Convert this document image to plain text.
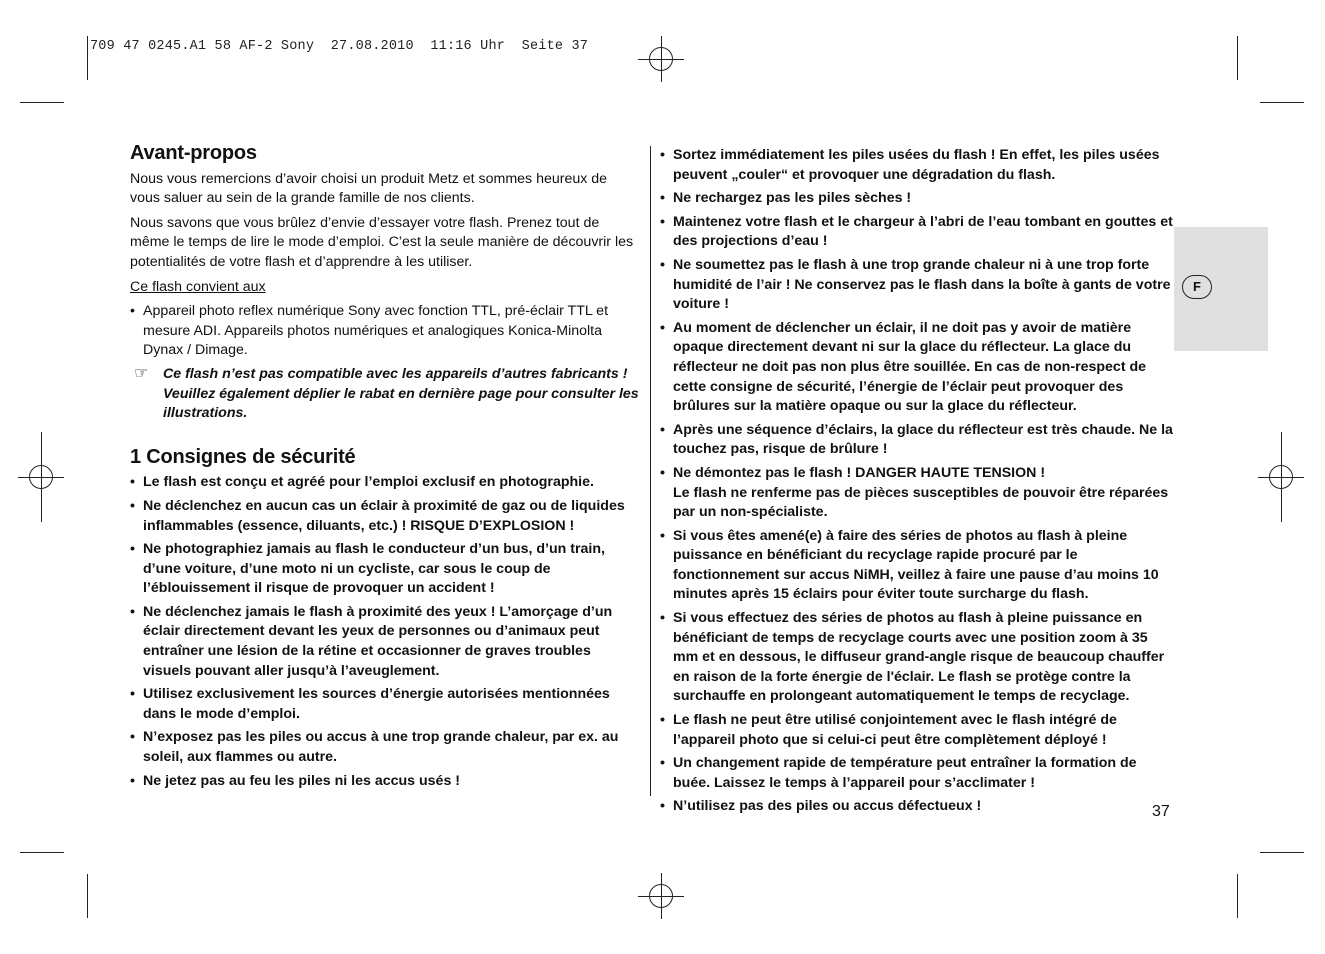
709 47 0245.A1 58 AF-2 Sony  27.08.2010  11:16 Uhr  Seite 37
Avant-propos

Nous vous remercions d’avoir choisi un produit Metz et sommes heureux de vous saluer au sein de la grande famille de nos clients.

Nous savons que vous brûlez d’envie d’essayer votre flash. Prenez tout de même le temps de lire le mode d’emploi. C’est la seule manière de découvrir les potentialités de votre flash et d’apprendre à les utiliser.

Ce flash convient aux

• Appareil photo reflex numérique Sony avec fonction TTL, pré-éclair TTL et mesure ADI. Appareils photos numériques et analogiques Konica-Minolta Dynax / Dimage.
☞ Ce flash n’est pas compatible avec les appareils d’autres fabricants ! Veuillez également déplier le rabat en dernière page pour consulter les illustrations.
1 Consignes de sécurité
• Le flash est conçu et agréé pour l’emploi exclusif en photographie.
• Ne déclenchez en aucun cas un éclair à proximité de gaz ou de liquides inflammables (essence, diluants, etc.) ! RISQUE D’EXPLOSION !
• Ne photographiez jamais au flash le conducteur d’un bus, d’un train, d’une voiture, d’une moto ni un cycliste, car sous le coup de l’éblouissement il risque de provoquer un accident !
• Ne déclenchez jamais le flash à proximité des yeux ! L’amorçage d’un éclair directement devant les yeux de personnes ou d’animaux peut entraîner une lésion de la rétine et occasionner de graves troubles visuels pouvant aller jusqu’à l’aveuglement.
• Utilisez exclusivement les sources d’énergie autorisées mentionnées dans le mode d’emploi.
• N’exposez pas les piles ou accus à une trop grande chaleur, par ex. au soleil, aux flammes ou autre.
• Ne jetez pas au feu les piles ni les accus usés !
• Sortez immédiatement les piles usées du flash ! En effet, les piles usées peuvent „couler“ et provoquer une dégradation du flash.
• Ne rechargez pas les piles sèches !
• Maintenez votre flash et le chargeur à l’abri de l’eau tombant en gouttes et des projections d’eau !
• Ne soumettez pas le flash à une trop grande chaleur ni à une trop forte humidité de l’air ! Ne conservez pas le flash dans la boîte à gants de votre voiture !
• Au moment de déclencher un éclair, il ne doit pas y avoir de matière opaque directement devant ni sur la glace du réflecteur. La glace du réflecteur ne doit pas non plus être souillée. En cas de non-respect de cette consigne de sécurité, l’énergie de l’éclair peut provoquer des brûlures sur la matière opaque ou sur la glace du réflecteur.
• Après une séquence d’éclairs, la glace du réflecteur est très chaude. Ne la touchez pas, risque de brûlure !
• Ne démontez pas le flash ! DANGER HAUTE TENSION !
Le flash ne renferme pas de pièces susceptibles de pouvoir être réparées par un non-spécialiste.
• Si vous êtes amené(e) à faire des séries de photos au flash à pleine puissance en bénéficiant du recyclage rapide procuré par le fonctionnement sur accus NiMH, veillez à faire une pause d’au moins 10 minutes après 15 éclairs pour éviter toute surcharge du flash.
• Si vous effectuez des séries de photos au flash à pleine puissance en bénéficiant de temps de recyclage courts avec une position zoom à 35 mm et en dessous, le diffuseur grand-angle risque de beaucoup chauffer en raison de la forte énergie de l'éclair. Le flash se protège contre la surchauffe en prolongeant automatiquement le temps de recyclage.
• Le flash ne peut être utilisé conjointement avec le flash intégré de l’appareil photo que si celui-ci peut être complètement déployé !
• Un changement rapide de température peut entraîner la formation de buée. Laissez le temps à l’appareil pour s’acclimater !
• N’utilisez pas des piles ou accus défectueux !
F
37
